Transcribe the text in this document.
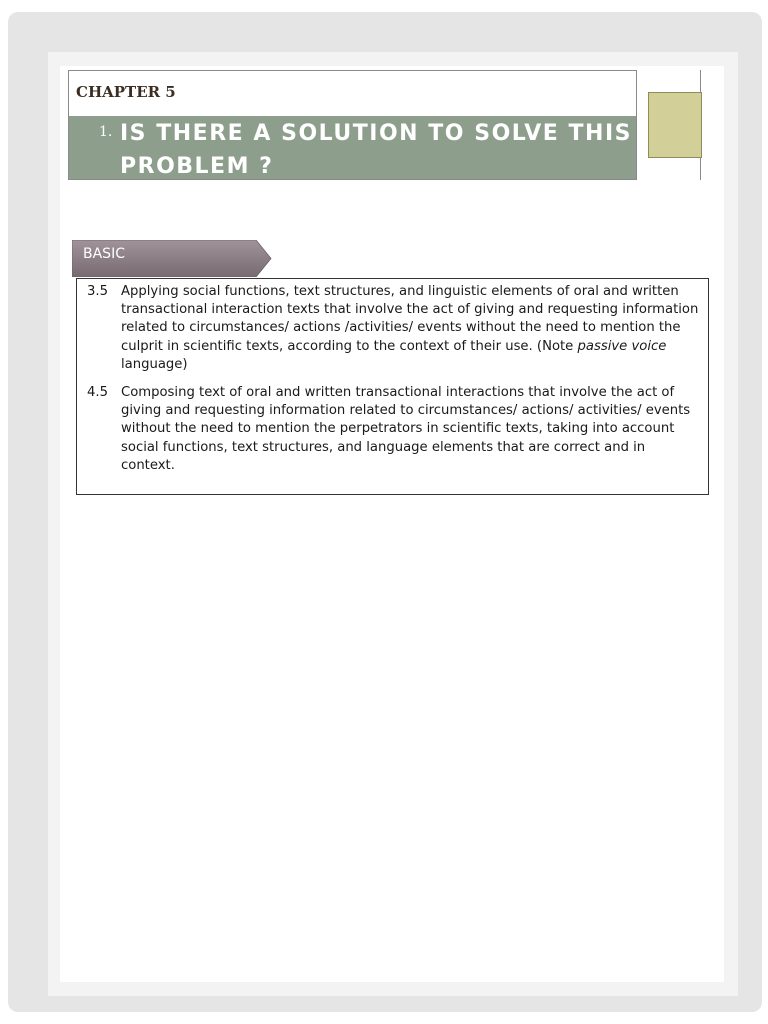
CHAPTER 5
1. IS THERE A SOLUTION TO SOLVE THIS PROBLEM ?
BASIC
3.5 Applying social functions, text structures, and linguistic elements of oral and written transactional interaction texts that involve the act of giving and requesting information related to circumstances/ actions /activities/ events without the need to mention the culprit in scientific texts, according to the context of their use. (Note passive voice language)
4.5 Composing text of oral and written transactional interactions that involve the act of giving and requesting information related to circumstances/ actions/ activities/ events without the need to mention the perpetrators in scientific texts, taking into account social functions, text structures, and language elements that are correct and in context.
